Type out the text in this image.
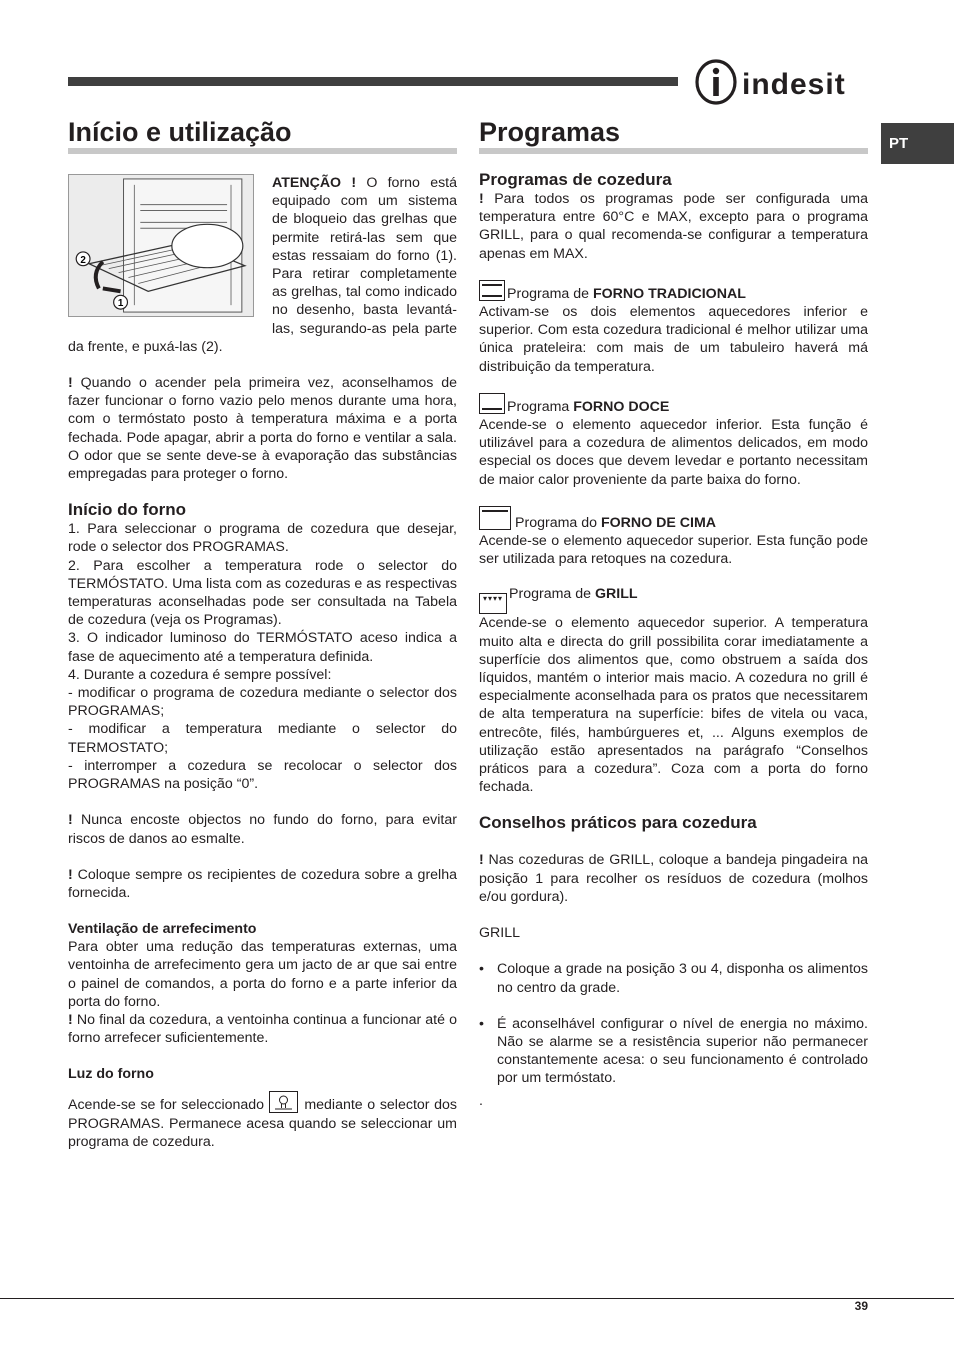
indesit
PT
Início e utilização
2
1

ATENÇÃO ! O forno está equipado com um sistema de bloqueio das grelhas que permite retirá-las sem que estas ressaiam do forno (1). Para retirar completamente as grelhas, tal como indicado no desenho, basta levantá-las, segurando-as pela parte da frente, e puxá-las (2).

! Quando o acender pela primeira vez, aconselhamos de fazer funcionar o forno vazio pelo menos durante uma hora, com o termóstato posto à temperatura máxima e a porta fechada. Pode apagar, abrir a porta do forno e ventilar a sala. O odor que se sente deve-se à evaporação das substâncias empregadas para proteger o forno.

Início do forno

1. Para seleccionar o programa de cozedura que desejar, rode o selector dos PROGRAMAS.

2. Para escolher a temperatura rode o selector do TERMÓSTATO. Uma lista com as cozeduras e as respectivas temperaturas aconselhadas pode ser consultada na Tabela de cozedura (veja os Programas).

3. O indicador luminoso do TERMÓSTATO aceso indica a fase de aquecimento até a temperatura definida.

4. Durante a cozedura é sempre possível:

- modificar o programa de cozedura mediante o selector dos PROGRAMAS;

- modificar a temperatura mediante o selector do TERMOSTATO;

- interromper a cozedura se recolocar o selector dos PROGRAMAS na posição “0”.

! Nunca encoste objectos no fundo do forno, para evitar riscos de danos ao esmalte.

! Coloque sempre os recipientes de cozedura sobre a grelha fornecida.

Ventilação de arrefecimento

Para obter uma redução das temperaturas externas, uma ventoinha de arrefecimento gera um jacto de ar que sai entre o painel de comandos, a porta do forno e a parte inferior da porta do forno.

! No final da cozedura, a ventoinha continua a funcionar até o forno arrefecer suficientemente.

Luz do forno

Acende-se se for seleccionado
mediante o selector dos PROGRAMAS. Permanece acesa quando se seleccionar um programa de cozedura.

Programas
Programas de cozedura

! Para todos os programas pode ser configurada uma temperatura entre 60°C e MAX, excepto para o programa GRILL, para o qual recomenda-se configurar a temperatura apenas em MAX.

Programa de FORNO TRADICIONAL

Activam-se os dois elementos aquecedores inferior e superior. Com esta cozedura tradicional é melhor utilizar uma única prateleira: com mais de um tabuleiro haverá má distribuição da temperatura.

Programa FORNO DOCE

Acende-se o elemento aquecedor inferior. Esta função é utilizável para a cozedura de alimentos delicados, em modo especial os doces que devem levedar e portanto necessitam de maior calor proveniente da parte baixa do forno.

Programa do FORNO DE CIMA

Acende-se o elemento aquecedor superior. Esta função pode ser utilizada para retoques na cozedura.

▾▾▾▾ Programa de GRILL

Acende-se o elemento aquecedor superior. A temperatura muito alta e directa do grill possibilita corar imediatamente a superfície dos alimentos que, como obstruem a saída dos líquidos, mantém o interior mais macio. A cozedura no grill é especialmente aconselhada para os pratos que necessitarem de alta temperatura na superfície: bifes de vitela ou vaca, entrecôte, filés, hambúrgueres et, ... Alguns exemplos de utilização estão apresentados na parágrafo “Conselhos práticos para a cozedura”. Coza com a porta do forno fechada.

Conselhos práticos para cozedura

! Nas cozeduras de GRILL, coloque a bandeja pingadeira na posição 1 para recolher os resíduos de cozedura (molhos e/ou gordura).

GRILL

• Coloque a grade na posição 3 ou 4, disponha os alimentos no centro da grade.
• É aconselhável configurar o nível de energia no máximo. Não se alarme se a resistência superior não permanecer constantemente acesa: o seu funcionamento é controlado por um termóstato.

.

39
